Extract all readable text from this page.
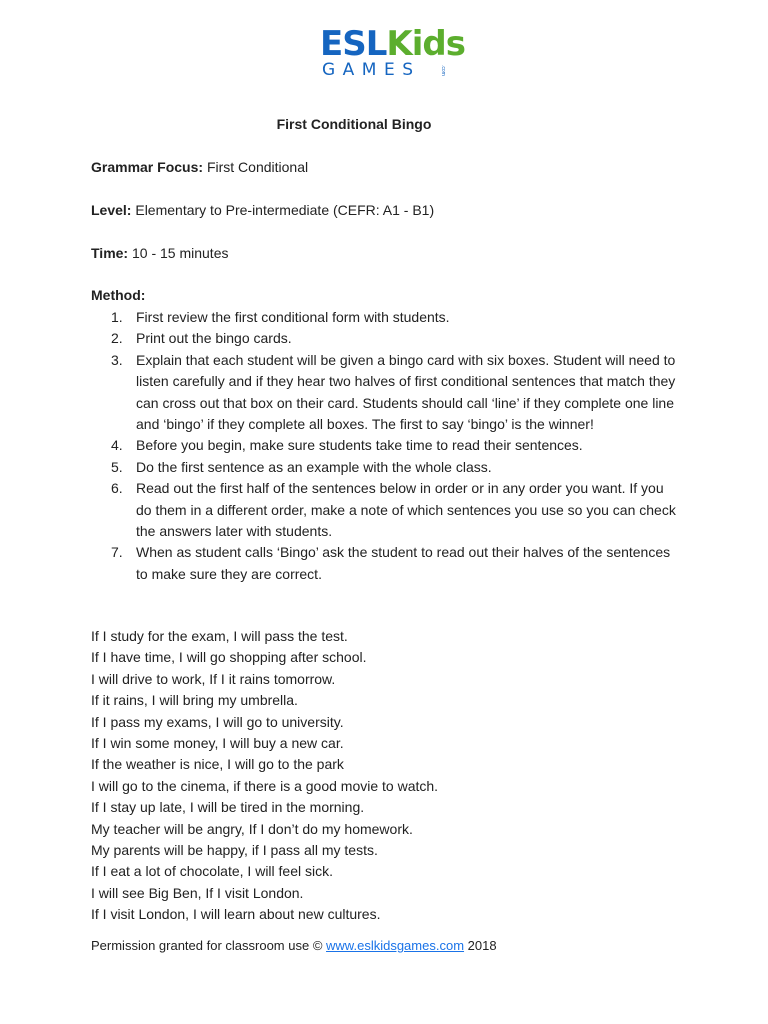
ESLKids
GAMES	.com
First Conditional Bingo
Grammar Focus: First Conditional
Level: Elementary to Pre-intermediate (CEFR: A1 - B1)
Time: 10 - 15 minutes
Method:
1. First review the first conditional form with students.
2. Print out the bingo cards.
3. Explain that each student will be given a bingo card with six boxes. Student will need to listen carefully and if they hear two halves of first conditional sentences that match they can cross out that box on their card. Students should call ‘line’ if they complete one line and ‘bingo’ if they complete all boxes. The first to say ‘bingo’ is the winner!
4. Before you begin, make sure students take time to read their sentences.
5. Do the first sentence as an example with the whole class.
6. Read out the first half of the sentences below in order or in any order you want. If you do them in a different order, make a note of which sentences you use so you can check the answers later with students.
7. When as student calls ‘Bingo’ ask the student to read out their halves of the sentences to make sure they are correct.
If I study for the exam, I will pass the test.
If I have time, I will go shopping after school.
I will drive to work, If I it rains tomorrow.
If it rains, I will bring my umbrella.
If I pass my exams, I will go to university.
If I win some money, I will buy a new car.
If the weather is nice, I will go to the park
I will go to the cinema, if there is a good movie to watch.
If I stay up late, I will be tired in the morning.
My teacher will be angry, If I don’t do my homework.
My parents will be happy, if I pass all my tests.
If I eat a lot of chocolate, I will feel sick.
I will see Big Ben, If I visit London.
If I visit London, I will learn about new cultures.
Permission granted for classroom use © www.eslkidsgames.com 2018
